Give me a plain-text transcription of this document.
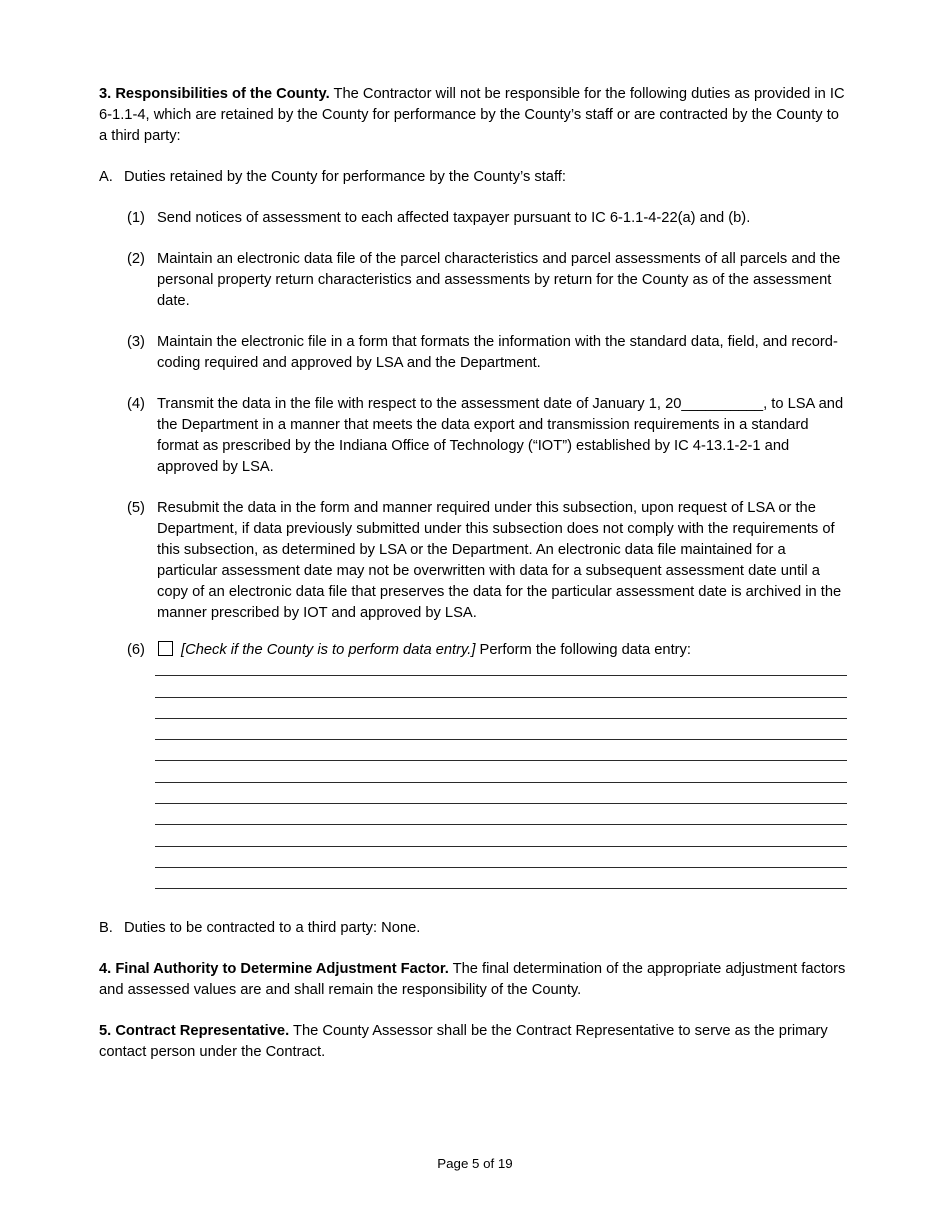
3. Responsibilities of the County. The Contractor will not be responsible for the following duties as provided in IC 6-1.1-4, which are retained by the County for performance by the County’s staff or are contracted by the County to a third party:

A. Duties retained by the County for performance by the County’s staff:
(1) Send notices of assessment to each affected taxpayer pursuant to IC 6-1.1-4-22(a) and (b).
(2) Maintain an electronic data file of the parcel characteristics and parcel assessments of all parcels and the personal property return characteristics and assessments by return for the County as of the assessment date.
(3) Maintain the electronic file in a form that formats the information with the standard data, field, and record-coding required and approved by LSA and the Department.
(4) Transmit the data in the file with respect to the assessment date of January 1, 20__________, to LSA and the Department in a manner that meets the data export and transmission requirements in a standard format as prescribed by the Indiana Office of Technology (“IOT”) established by IC 4-13.1-2-1 and approved by LSA.
(5) Resubmit the data in the form and manner required under this subsection, upon request of LSA or the Department, if data previously submitted under this subsection does not comply with the requirements of this subsection, as determined by LSA or the Department. An electronic data file maintained for a particular assessment date may not be overwritten with data for a subsequent assessment date until a copy of an electronic data file that preserves the data for the particular assessment date is archived in the manner prescribed by IOT and approved by LSA.
(6)	[Check if the County is to perform data entry.] Perform the following data entry:
B. Duties to be contracted to a third party: None.

4. Final Authority to Determine Adjustment Factor. The final determination of the appropriate adjustment factors and assessed values are and shall remain the responsibility of the County.

5. Contract Representative. The County Assessor shall be the Contract Representative to serve as the primary contact person under the Contract.

Page 5 of 19
